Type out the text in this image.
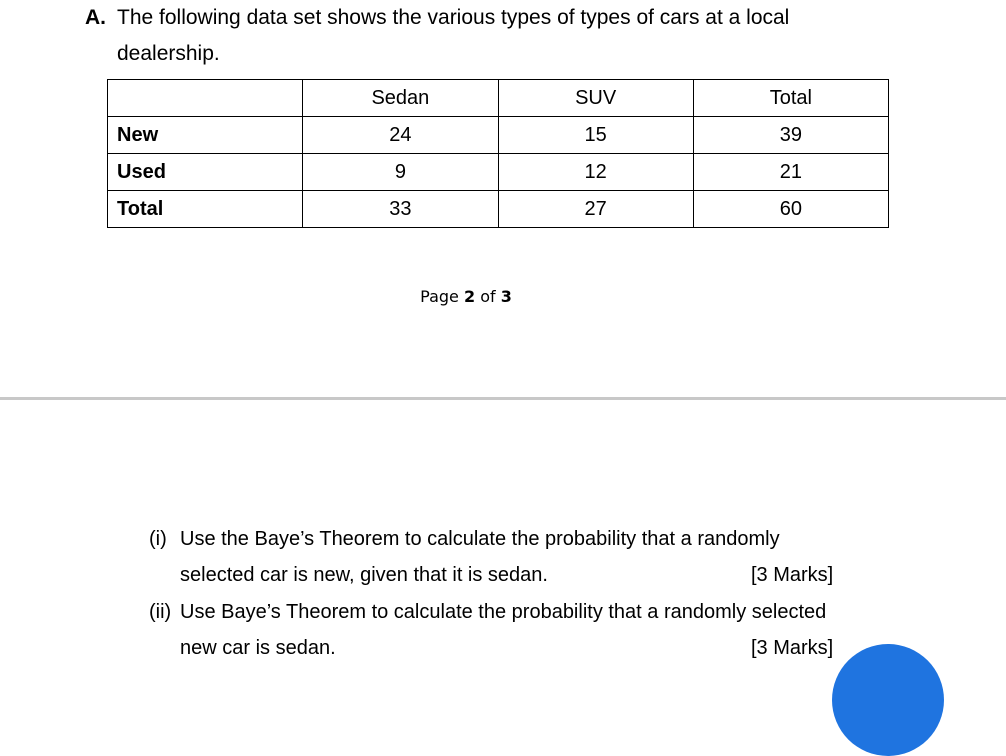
A. The following data set shows the various types of types of cars at a local
dealership.
	Sedan	SUV	Total
New	24	15	39
Used	9	12	21
Total	33	27	60
Page 2 of 3
(i) Use the Baye’s Theorem to calculate the probability that a randomly
selected car is new, given that it is sedan.	[3 Marks]
(ii) Use Baye’s Theorem to calculate the probability that a randomly selected
new car is sedan.	[3 Marks]
